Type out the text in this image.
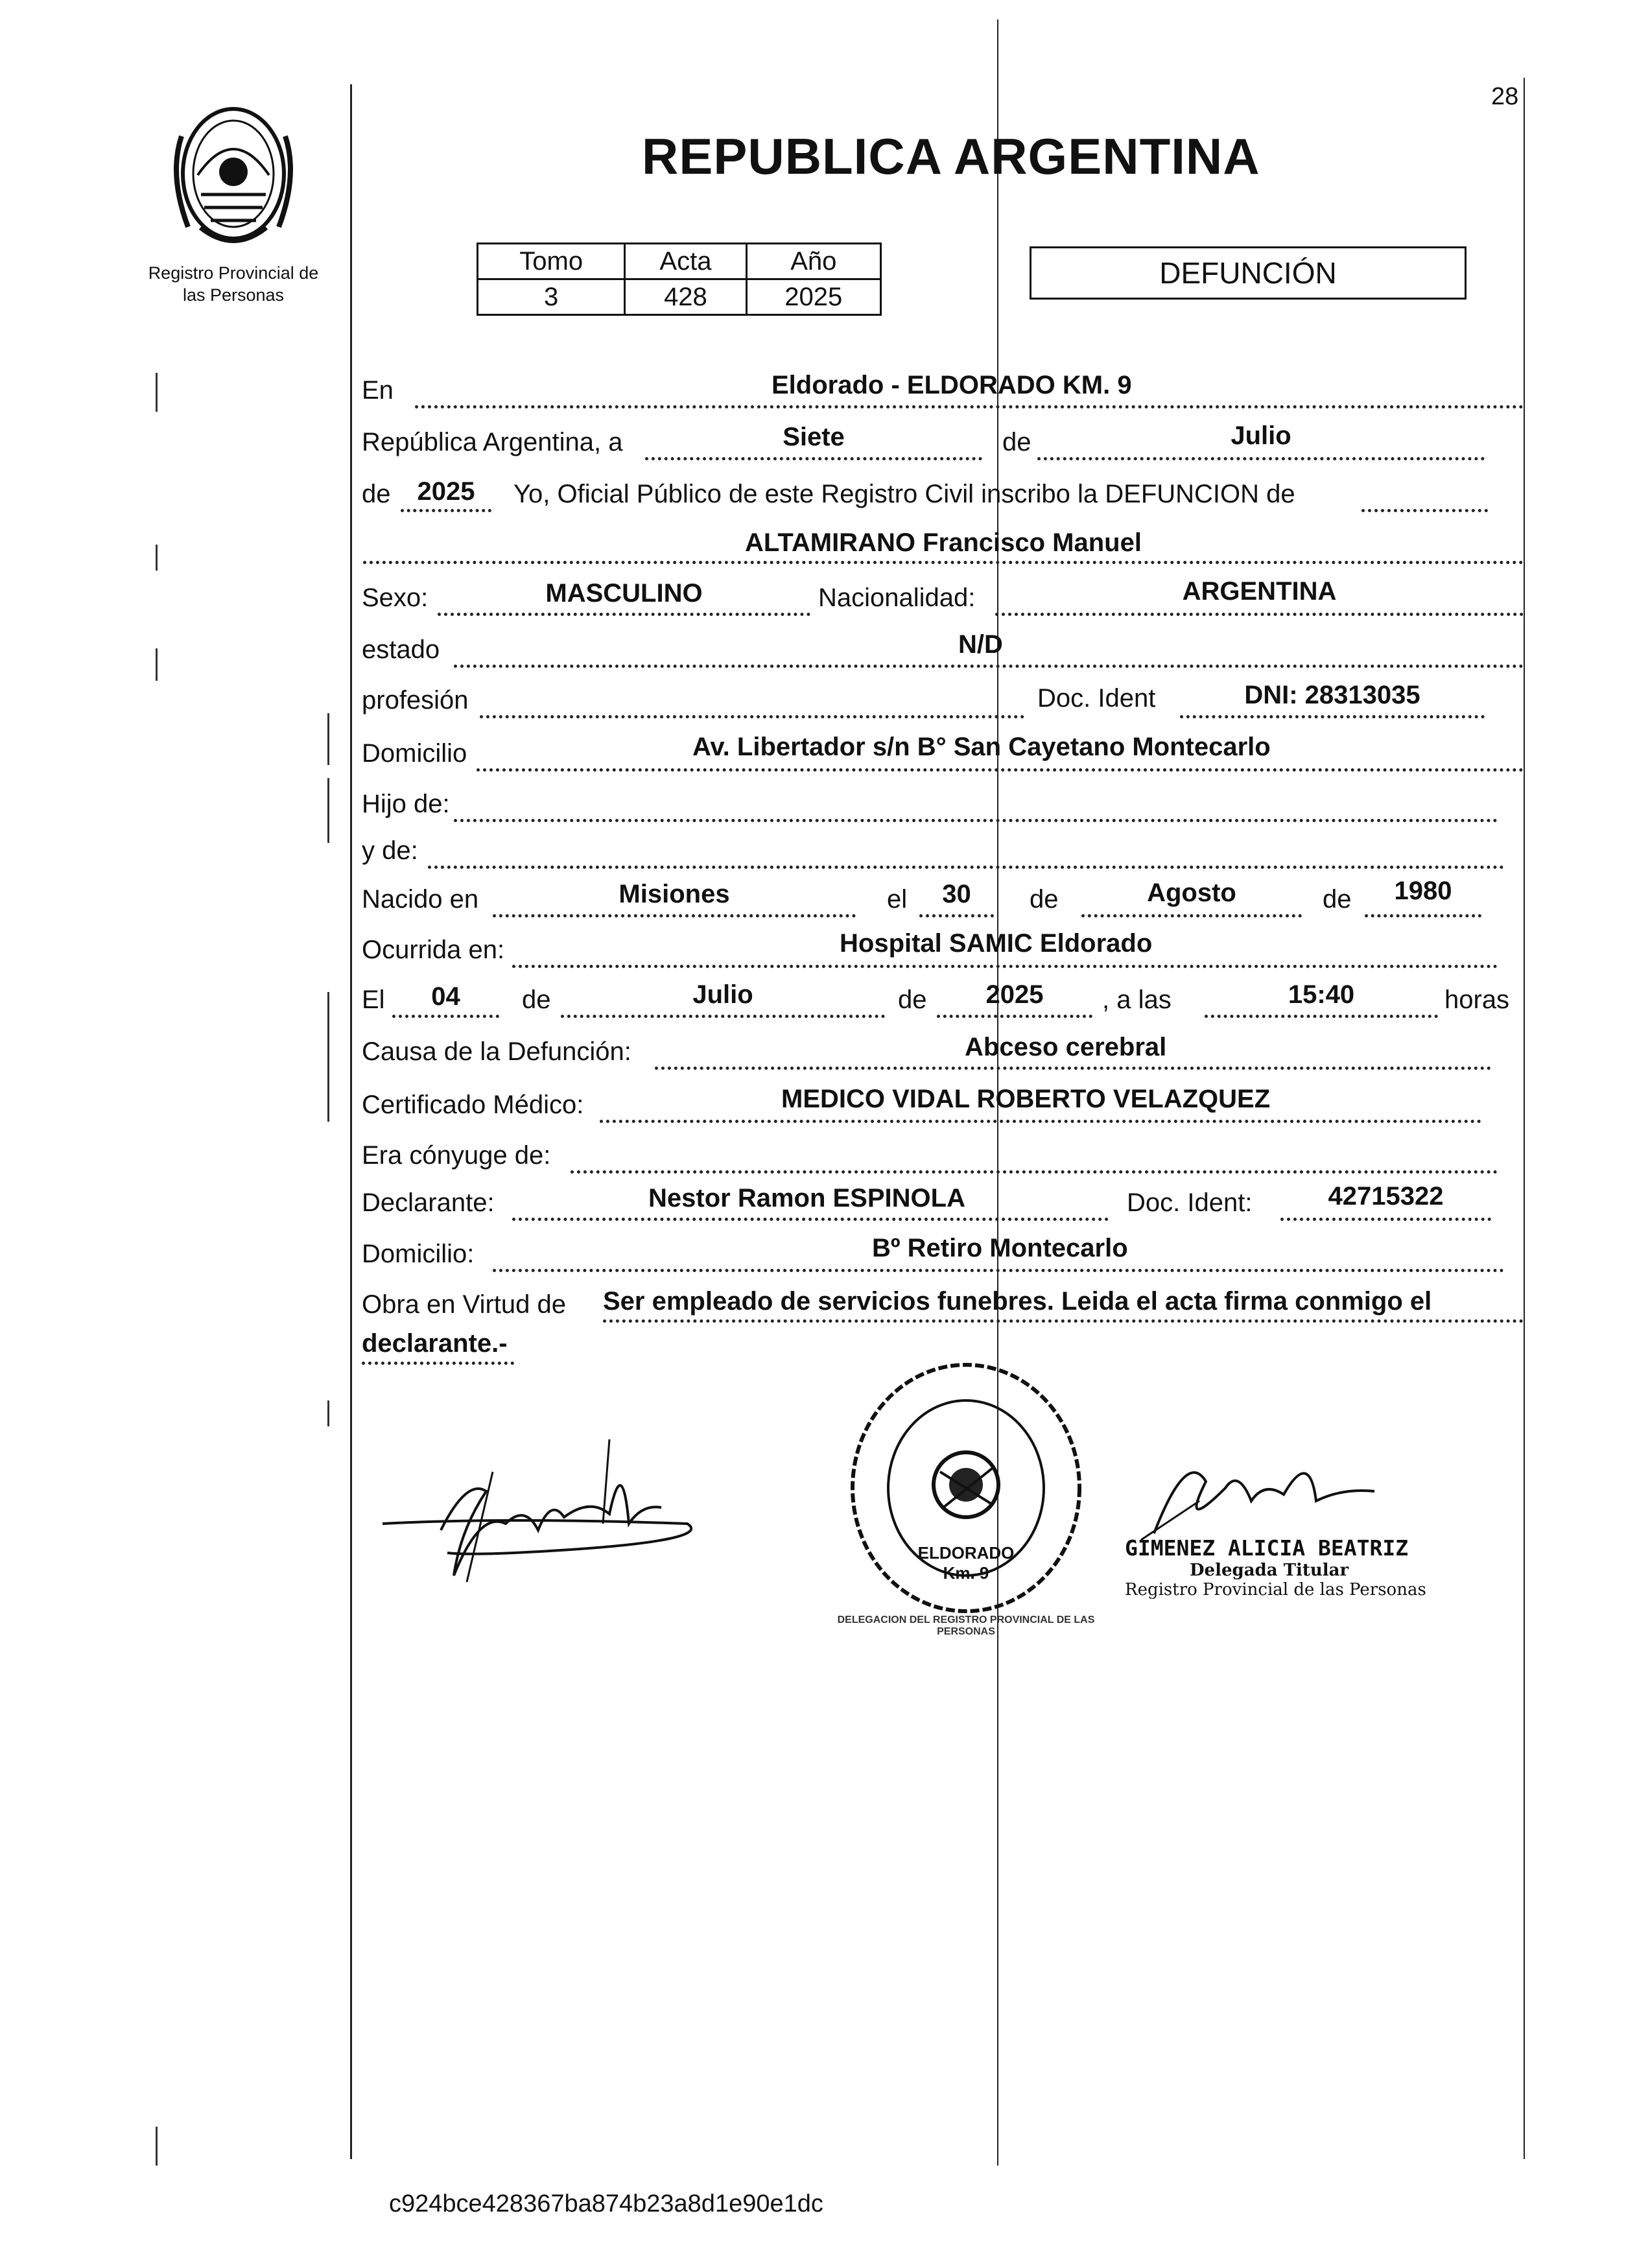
Registro Provincial de
las Personas
28
REPUBLICA ARGENTINA
Tomo	Acta	Año
3	428	2025
DEFUNCIÓN
En	Eldorado - ELDORADO KM. 9
República Argentina, a	Siete	de	Julio
de	2025	Yo, Oficial Público de este Registro Civil inscribo la DEFUNCION de
ALTAMIRANO Francisco Manuel
Sexo:	MASCULINO	Nacionalidad:	ARGENTINA
estado	N/D
profesión	Doc. Ident	DNI: 28313035
Domicilio	Av. Libertador s/n B° San Cayetano Montecarlo
Hijo de:
y de:
Nacido en	Misiones	el	30	de	Agosto	de	1980
Ocurrida en:	Hospital SAMIC Eldorado
El	04	de	Julio	de	2025	, a las	15:40	horas
Causa de la Defunción:	Abceso cerebral
Certificado Médico:	MEDICO VIDAL ROBERTO VELAZQUEZ
Era cónyuge de:
Declarante:	Nestor Ramon ESPINOLA	Doc. Ident:	42715322
Domicilio:	Bº Retiro Montecarlo
Obra en Virtud de Ser empleado de servicios funebres. Leida el acta firma conmigo el
declarante.-
DELEGACION DEL REGISTRO PROVINCIAL DE LAS PERSONAS
ELDORADO Km. 9
GIMENEZ ALICIA BEATRIZ
Delegada Titular
Registro Provincial de las Personas
c924bce428367ba874b23a8d1e90e1dc
